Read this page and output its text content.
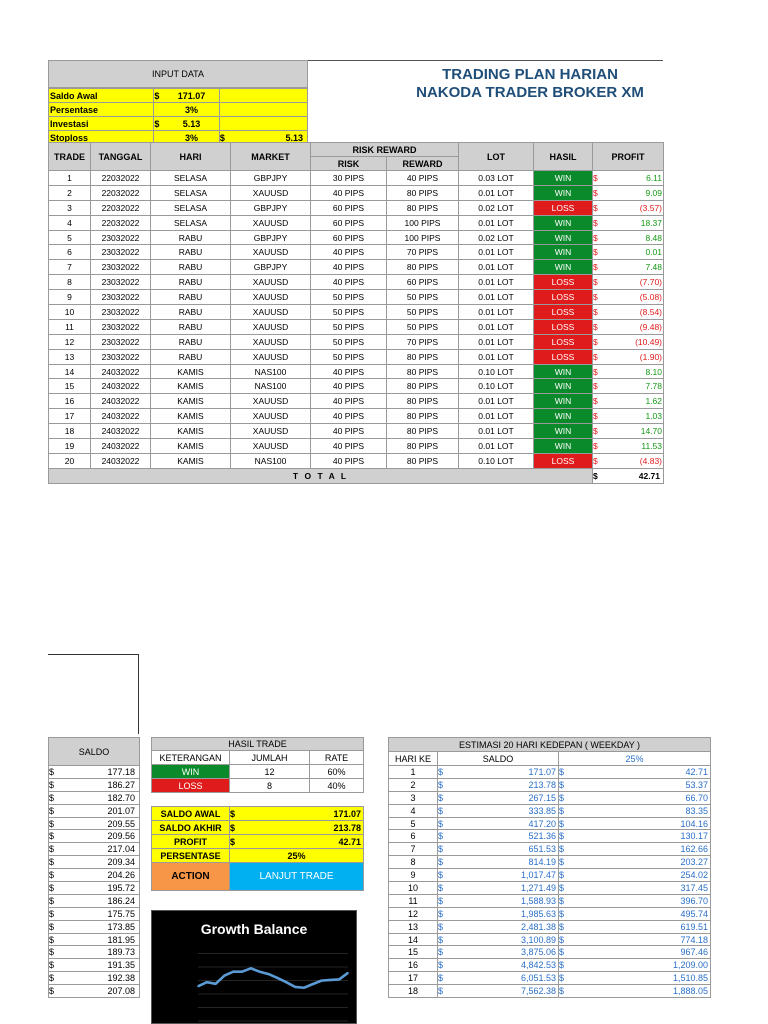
INPUT DATA
Saldo Awal	$	171.07		
Persentase		3%		
Investasi	$	5.13		
Stoploss		3%	$	5.13
TRADING PLAN HARIAN
NAKODA TRADER BROKER XM
TRADE	TANGGAL	HARI	MARKET	RISK REWARD		LOT	HASIL	PROFIT	
				RISK	REWARD				
1	22032022	SELASA	GBPJPY	30 PIPS	40 PIPS	0.03 LOT	WIN	$	6.11
2	22032022	SELASA	XAUUSD	40 PIPS	80 PIPS	0.01 LOT	WIN	$	9.09
3	22032022	SELASA	GBPJPY	60 PIPS	80 PIPS	0.02 LOT	LOSS	$	(3.57)
4	22032022	SELASA	XAUUSD	60 PIPS	100 PIPS	0.01 LOT	WIN	$	18.37
5	23032022	RABU	GBPJPY	60 PIPS	100 PIPS	0.02 LOT	WIN	$	8.48
6	23032022	RABU	XAUUSD	40 PIPS	70 PIPS	0.01 LOT	WIN	$	0.01
7	23032022	RABU	GBPJPY	40 PIPS	80 PIPS	0.01 LOT	WIN	$	7.48
8	23032022	RABU	XAUUSD	40 PIPS	60 PIPS	0.01 LOT	LOSS	$	(7.70)
9	23032022	RABU	XAUUSD	50 PIPS	50 PIPS	0.01 LOT	LOSS	$	(5.08)
10	23032022	RABU	XAUUSD	50 PIPS	50 PIPS	0.01 LOT	LOSS	$	(8.54)
11	23032022	RABU	XAUUSD	50 PIPS	50 PIPS	0.01 LOT	LOSS	$	(9.48)
12	23032022	RABU	XAUUSD	50 PIPS	70 PIPS	0.01 LOT	LOSS	$	(10.49)
13	23032022	RABU	XAUUSD	50 PIPS	80 PIPS	0.01 LOT	LOSS	$	(1.90)
14	24032022	KAMIS	NAS100	40 PIPS	80 PIPS	0.10 LOT	WIN	$	8.10
15	24032022	KAMIS	NAS100	40 PIPS	80 PIPS	0.10 LOT	WIN	$	7.78
16	24032022	KAMIS	XAUUSD	40 PIPS	80 PIPS	0.01 LOT	WIN	$	1.62
17	24032022	KAMIS	XAUUSD	40 PIPS	80 PIPS	0.01 LOT	WIN	$	1.03
18	24032022	KAMIS	XAUUSD	40 PIPS	80 PIPS	0.01 LOT	WIN	$	14.70
19	24032022	KAMIS	XAUUSD	40 PIPS	80 PIPS	0.01 LOT	WIN	$	11.53
20	24032022	KAMIS	NAS100	40 PIPS	80 PIPS	0.10 LOT	LOSS	$	(4.83)
T O T A L								$	42.71
SALDO	
$	177.18
$	186.27
$	182.70
$	201.07
$	209.55
$	209.56
$	217.04
$	209.34
$	204.26
$	195.72
$	186.24
$	175.75
$	173.85
$	181.95
$	189.73
$	191.35
$	192.38
$	207.08
HASIL TRADE			
KETERANGAN	JUMLAH		RATE
WIN	12		60%
LOSS	8		40%

SALDO AWAL	$	171.07	
SALDO AKHIR	$	213.78	
PROFIT	$	42.71	
PERSENTASE	25%		
ACTION	LANJUT TRADE		
Growth Balance
ESTIMASI 20 HARI KEDEPAN ( WEEKDAY )				
HARI KE	SALDO		25%	
1	$	171.07	$	42.71
2	$	213.78	$	53.37
3	$	267.15	$	66.70
4	$	333.85	$	83.35
5	$	417.20	$	104.16
6	$	521.36	$	130.17
7	$	651.53	$	162.66
8	$	814.19	$	203.27
9	$	1,017.47	$	254.02
10	$	1,271.49	$	317.45
11	$	1,588.93	$	396.70
12	$	1,985.63	$	495.74
13	$	2,481.38	$	619.51
14	$	3,100.89	$	774.18
15	$	3,875.06	$	967.46
16	$	4,842.53	$	1,209.00
17	$	6,051.53	$	1,510.85
18	$	7,562.38	$	1,888.05
